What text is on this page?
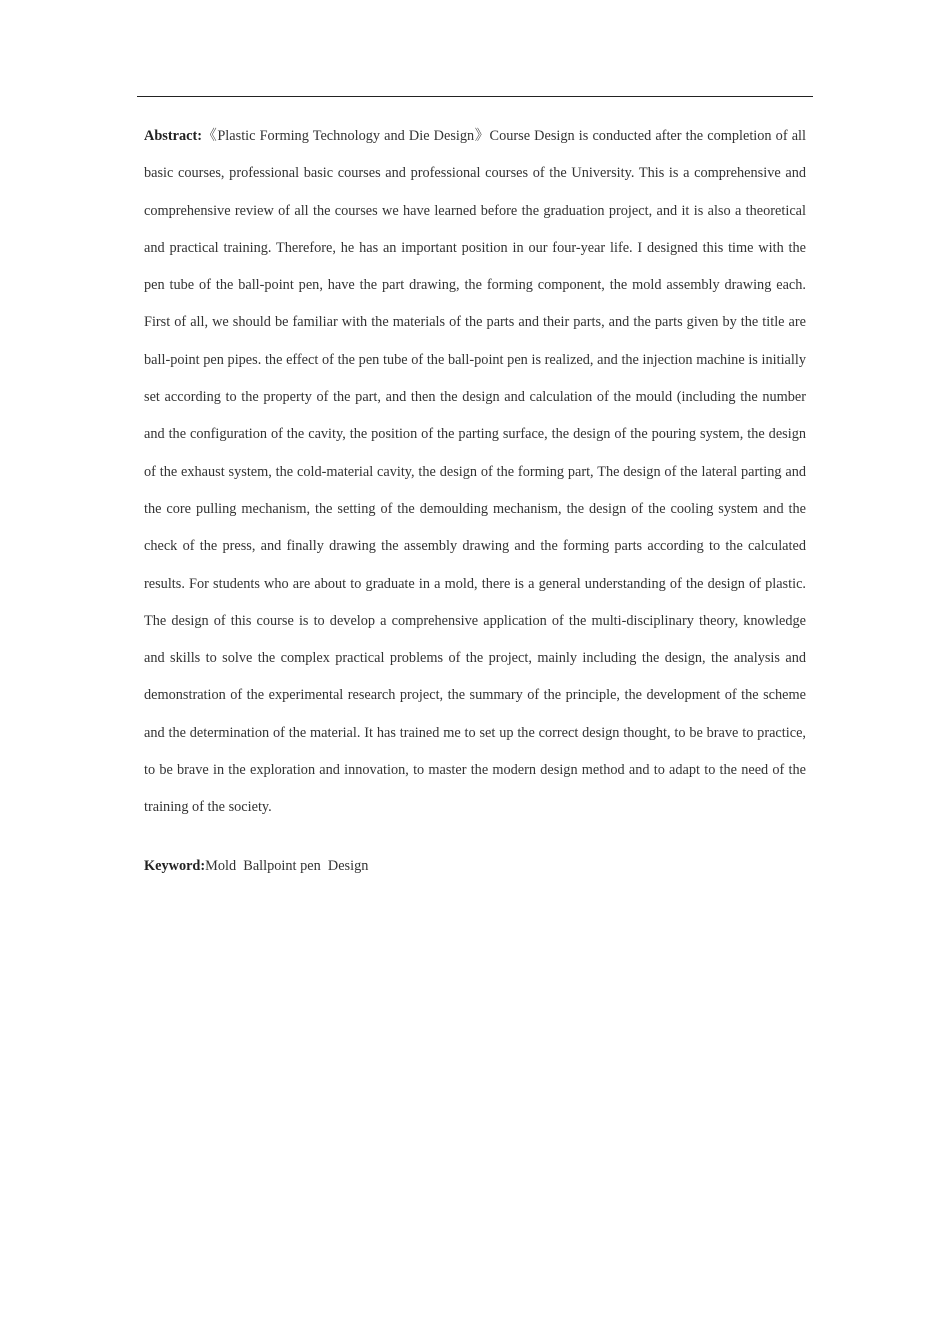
Abstract:《Plastic Forming Technology and Die Design》Course Design is conducted after the completion of all basic courses, professional basic courses and professional courses of the University. This is a comprehensive and comprehensive review of all the courses we have learned before the graduation project, and it is also a theoretical and practical training. Therefore, he has an important position in our four-year life. I designed this time with the pen tube of the ball-point pen, have the part drawing, the forming component, the mold assembly drawing each. First of all, we should be familiar with the materials of the parts and their parts, and the parts given by the title are ball-point pen pipes. the effect of the pen tube of the ball-point pen is realized, and the injection machine is initially set according to the property of the part, and then the design and calculation of the mould (including the number and the configuration of the cavity, the position of the parting surface, the design of the pouring system, the design of the exhaust system, the cold-material cavity, the design of the forming part, The design of the lateral parting and the core pulling mechanism, the setting of the demoulding mechanism, the design of the cooling system and the check of the press, and finally drawing the assembly drawing and the forming parts according to the calculated results. For students who are about to graduate in a mold, there is a general understanding of the design of plastic. The design of this course is to develop a comprehensive application of the multi-disciplinary theory, knowledge and skills to solve the complex practical problems of the project, mainly including the design, the analysis and demonstration of the experimental research project, the summary of the principle, the development of the scheme and the determination of the material. It has trained me to set up the correct design thought, to be brave to practice, to be brave in the exploration and innovation, to master the modern design method and to adapt to the need of the training of the society.

Keyword:Mold  Ballpoint pen  Design
